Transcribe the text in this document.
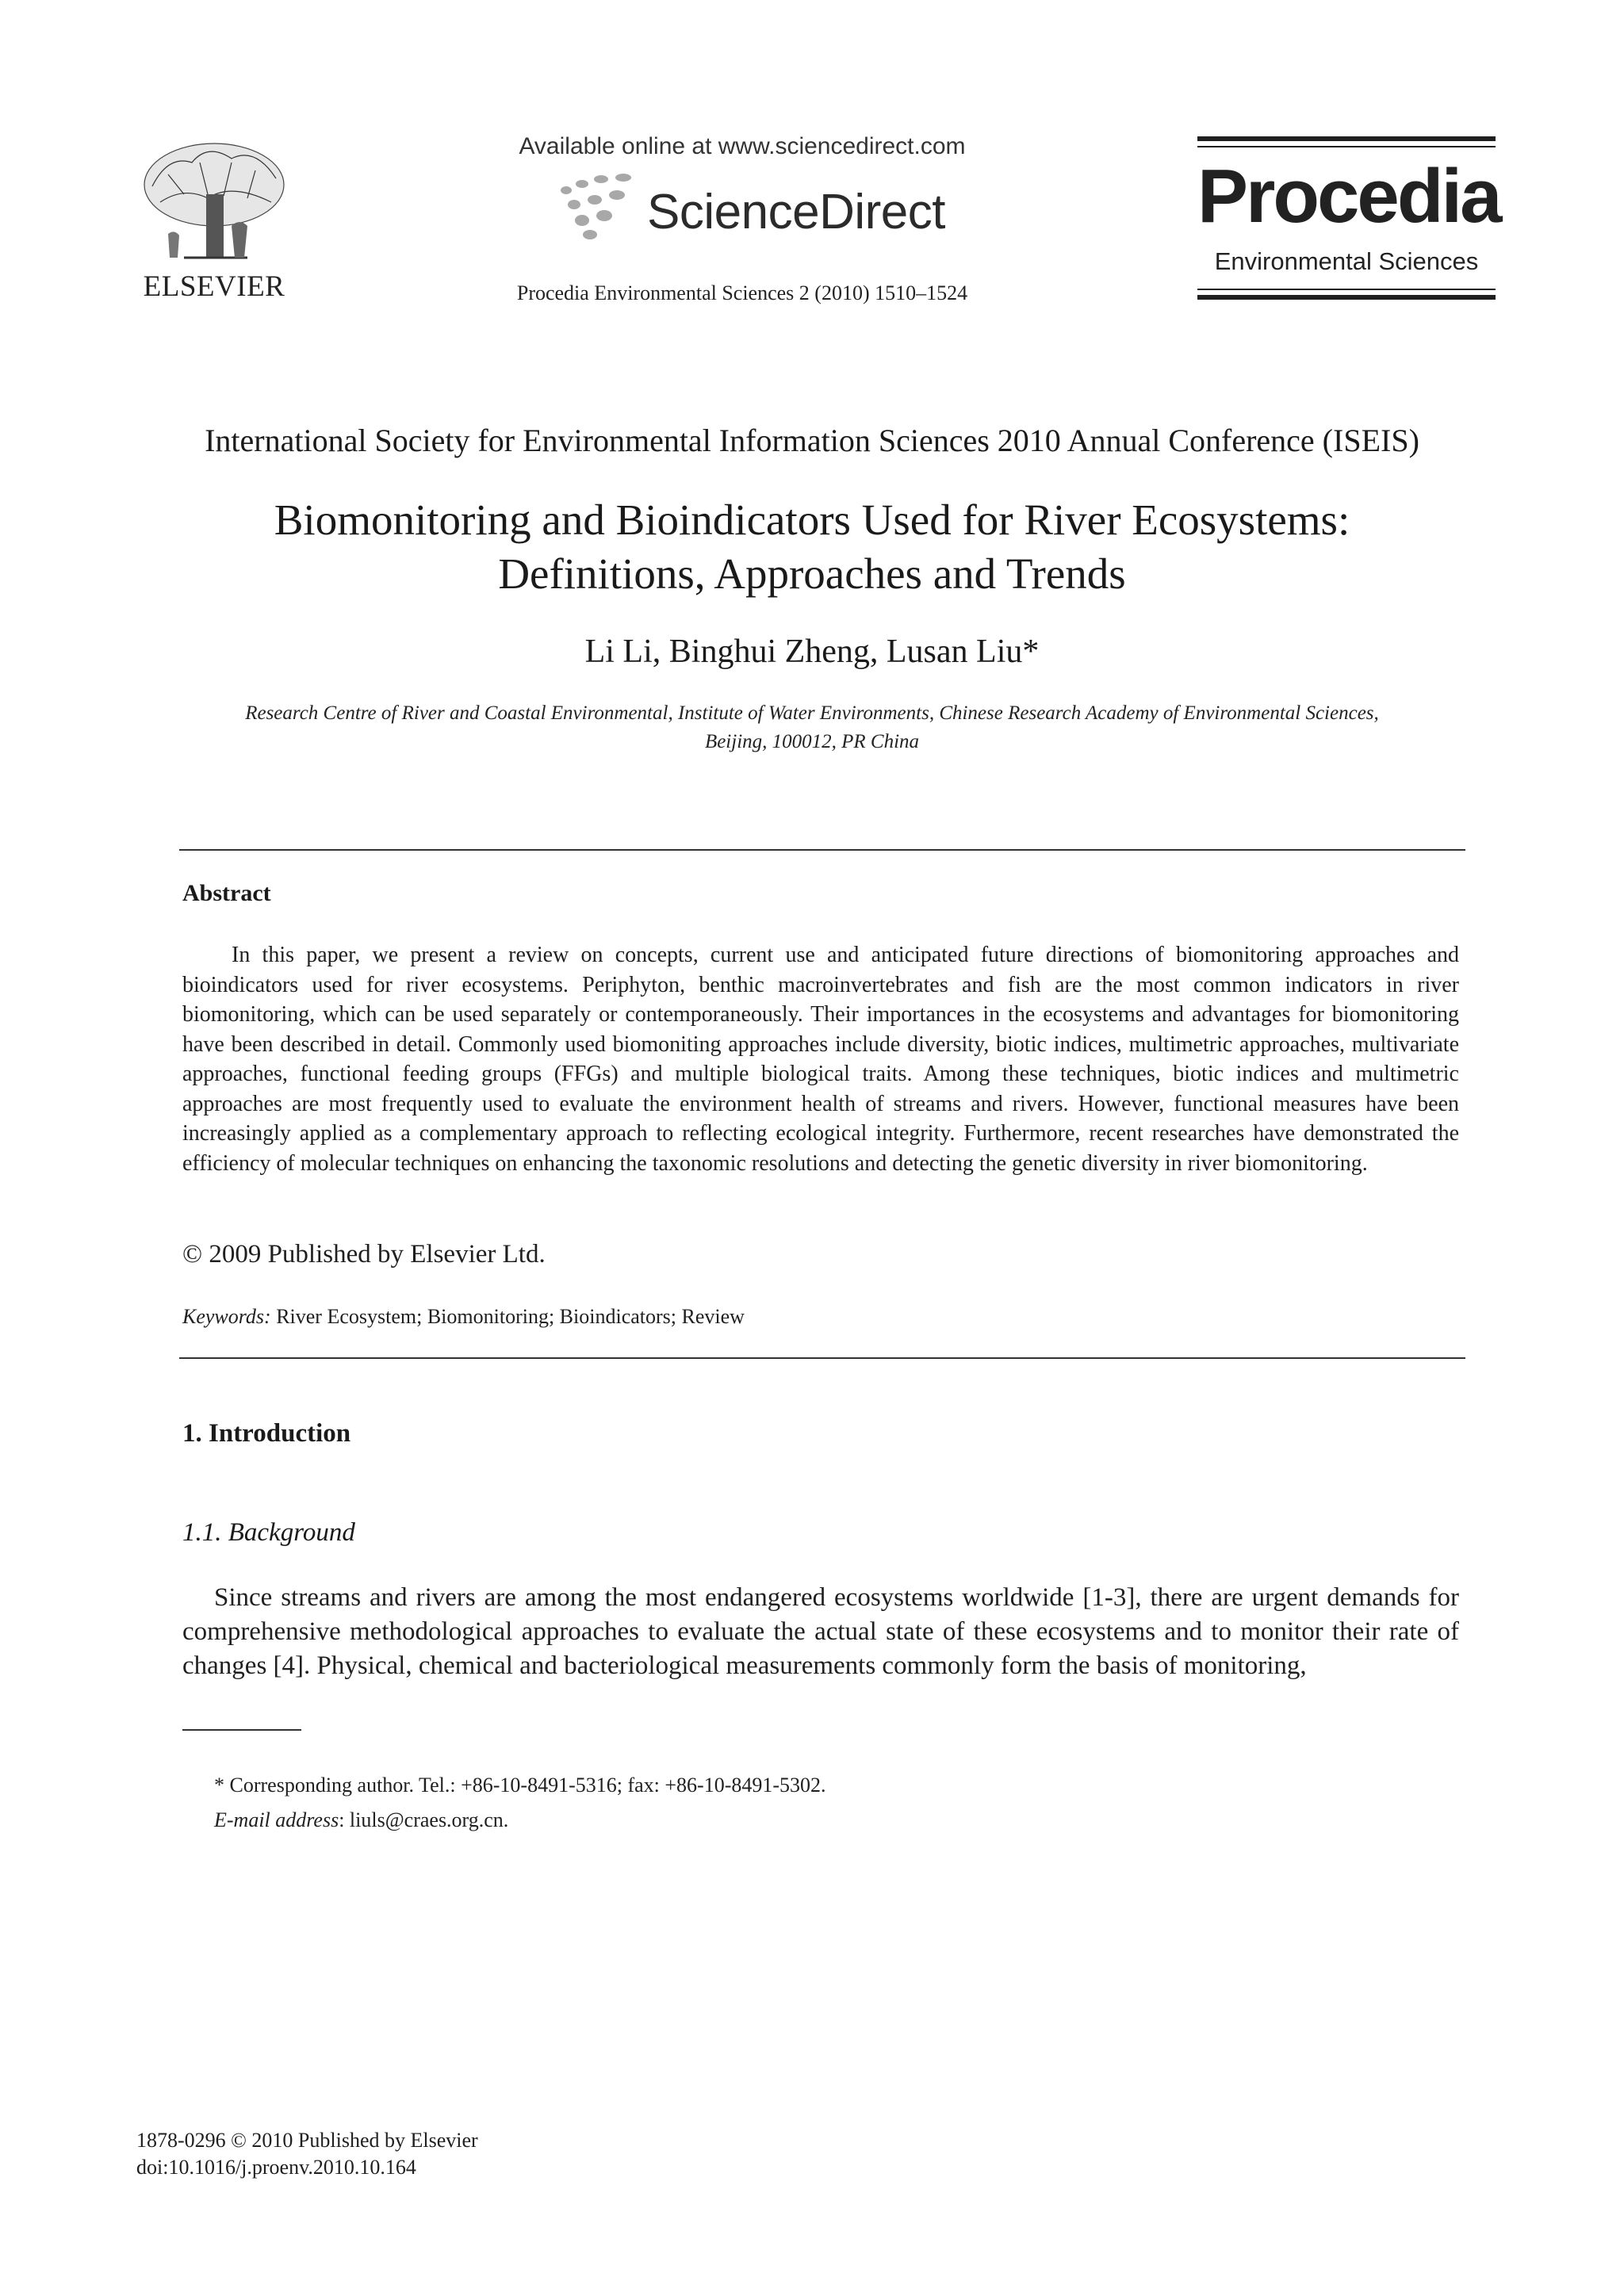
ELSEVIER
Available online at www.sciencedirect.com
ScienceDirect
Procedia Environmental Sciences 2 (2010) 1510–1524
Procedia
Environmental Sciences
International Society for Environmental Information Sciences 2010 Annual Conference (ISEIS)
Biomonitoring and Bioindicators Used for River Ecosystems:
Definitions, Approaches and Trends
Li Li, Binghui Zheng, Lusan Liu*
Research Centre of River and Coastal Environmental, Institute of Water Environments, Chinese Research Academy of Environmental Sciences,
Beijing, 100012, PR China
Abstract
In this paper, we present a review on concepts, current use and anticipated future directions of biomonitoring approaches and bioindicators used for river ecosystems. Periphyton, benthic macroinvertebrates and fish are the most common indicators in river biomonitoring, which can be used separately or contemporaneously. Their importances in the ecosystems and advantages for biomonitoring have been described in detail. Commonly used biomoniting approaches include diversity, biotic indices, multimetric approaches, multivariate approaches, functional feeding groups (FFGs) and multiple biological traits. Among these techniques, biotic indices and multimetric approaches are most frequently used to evaluate the environment health of streams and rivers. However, functional measures have been increasingly applied as a complementary approach to reflecting ecological integrity. Furthermore, recent researches have demonstrated the efficiency of molecular techniques on enhancing the taxonomic resolutions and detecting the genetic diversity in river biomonitoring.
© 2009 Published by Elsevier Ltd.
Keywords: River Ecosystem; Biomonitoring; Bioindicators; Review
1. Introduction
1.1. Background
Since streams and rivers are among the most endangered ecosystems worldwide [1-3], there are urgent demands for comprehensive methodological approaches to evaluate the actual state of these ecosystems and to monitor their rate of changes [4]. Physical, chemical and bacteriological measurements commonly form the basis of monitoring,
* Corresponding author. Tel.: +86-10-8491-5316; fax: +86-10-8491-5302.
E-mail address: liuls@craes.org.cn.
1878-0296 © 2010 Published by Elsevier
doi:10.1016/j.proenv.2010.10.164
